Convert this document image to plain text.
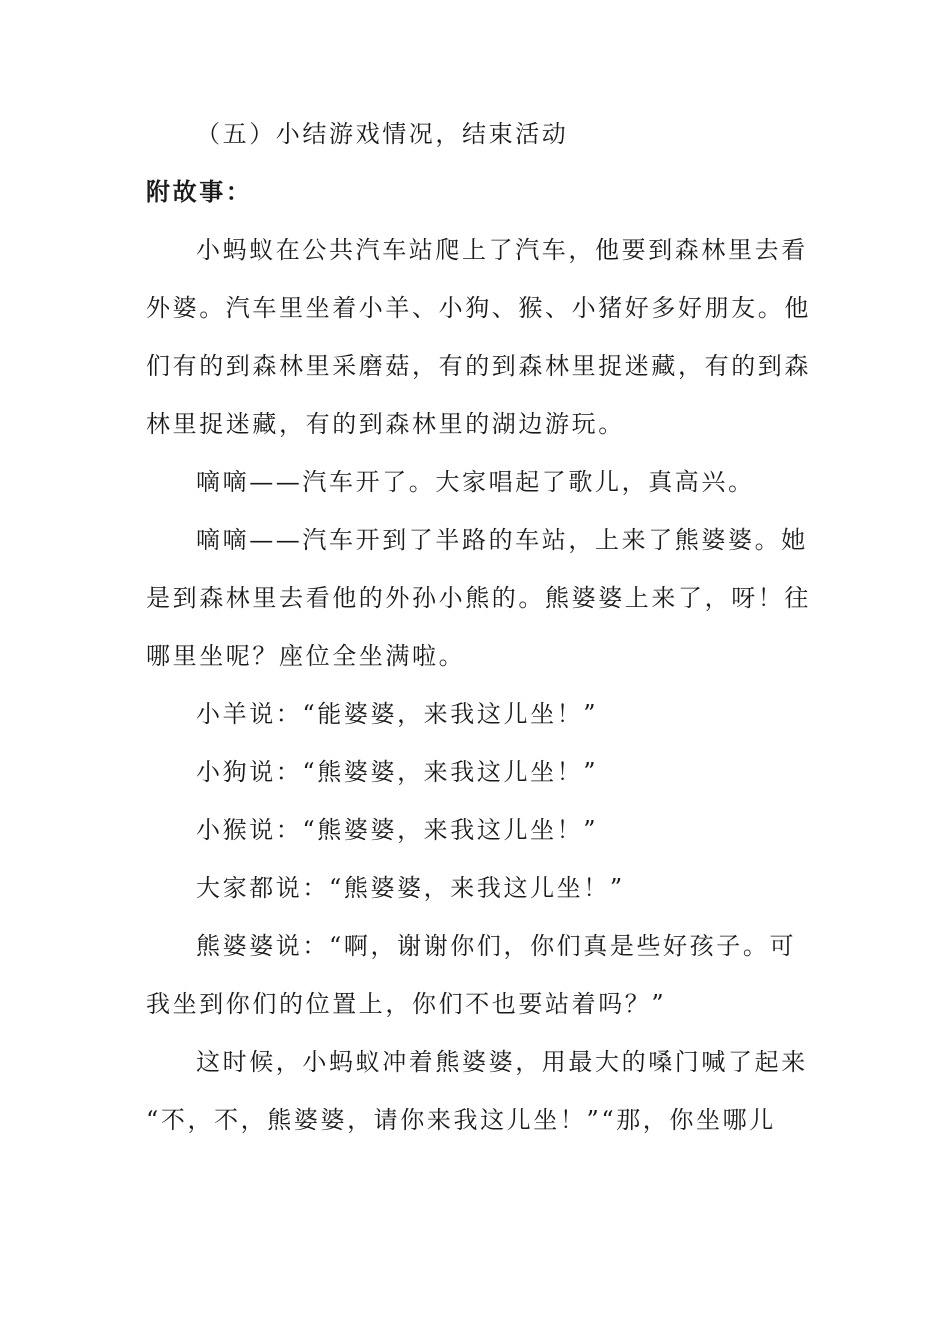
（五）小结游戏情况，结束活动
附故事：
小蚂蚁在公共汽车站爬上了汽车，他要到森林里去看
外婆。汽车里坐着小羊、小狗、猴、小猪好多好朋友。他
们有的到森林里采磨菇，有的到森林里捉迷藏，有的到森
林里捉迷藏，有的到森林里的湖边游玩。
嘀嘀——汽车开了。大家唱起了歌儿，真高兴。
嘀嘀——汽车开到了半路的车站，上来了熊婆婆。她
是到森林里去看他的外孙小熊的。熊婆婆上来了，呀！往
哪里坐呢？座位全坐满啦。
小羊说：“能婆婆，来我这儿坐！”
小狗说：“熊婆婆，来我这儿坐！”
小猴说：“熊婆婆，来我这儿坐！”
大家都说：“熊婆婆，来我这儿坐！”
熊婆婆说：“啊，谢谢你们，你们真是些好孩子。可
我坐到你们的位置上，你们不也要站着吗？”
这时候，小蚂蚁冲着熊婆婆，用最大的嗓门喊了起来
“不，不，熊婆婆，请你来我这儿坐！”“那，你坐哪儿
